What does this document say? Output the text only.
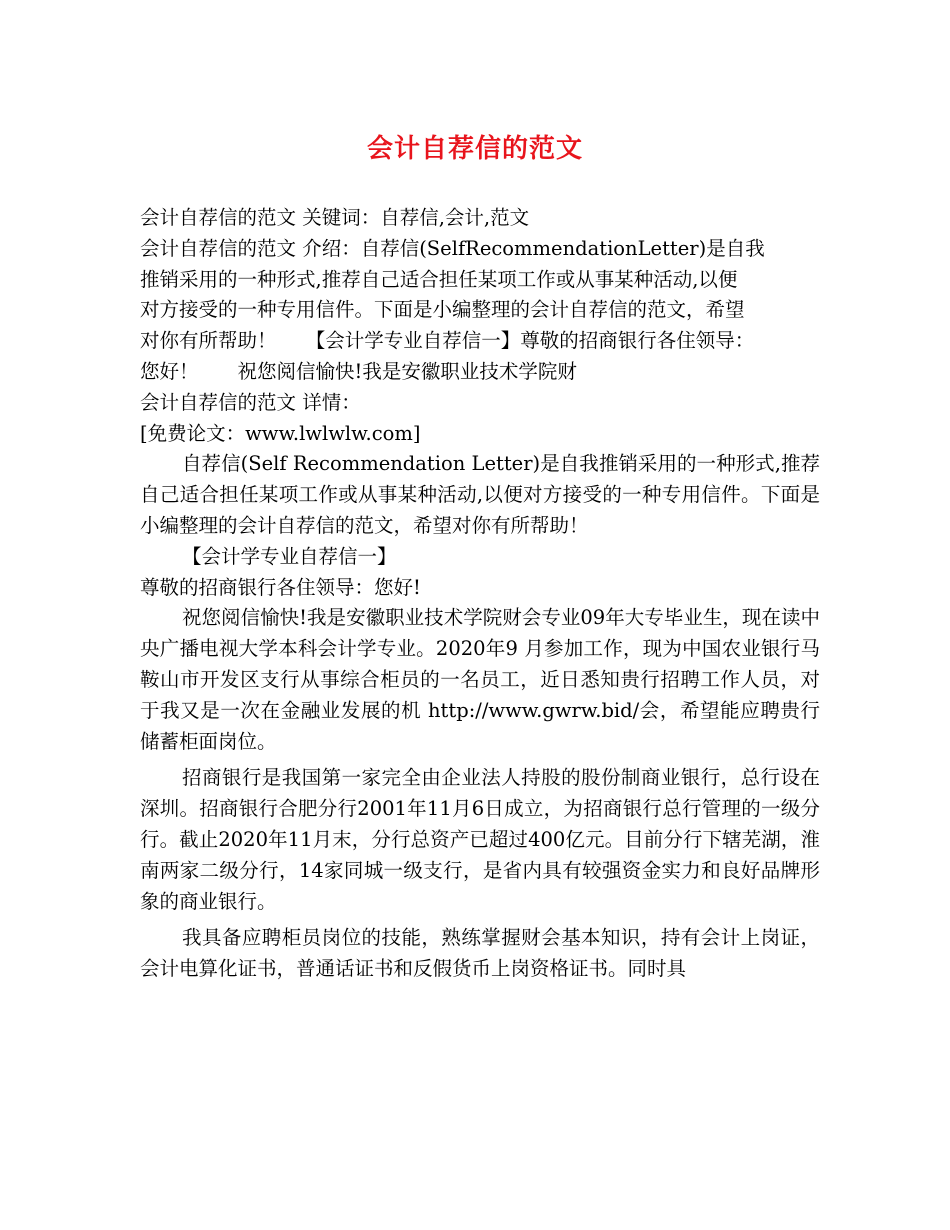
会计自荐信的范文

会计自荐信的范文 关键词：自荐信,会计,范文

会计自荐信的范文 介绍：自荐信(SelfRecommendationLetter)是自我

推销采用的一种形式,推荐自己适合担任某项工作或从事某种活动,以便

对方接受的一种专用信件。下面是小编整理的会计自荐信的范文，希望

对你有所帮助！　　【会计学专业自荐信一】尊敬的招商银行各住领导：

您好！　　祝您阅信愉快!我是安徽职业技术学院财

会计自荐信的范文 详情：

[免费论文：www.lwlwlw.com]

自荐信(Self Recommendation Letter)是自我推销采用的一种形式,推荐自己适合担任某项工作或从事某种活动,以便对方接受的一种专用信件。下面是小编整理的会计自荐信的范文，希望对你有所帮助！

【会计学专业自荐信一】

尊敬的招商银行各住领导：您好!

祝您阅信愉快!我是安徽职业技术学院财会专业09年大专毕业生，现在读中央广播电视大学本科会计学专业。2020年9 月参加工作，现为中国农业银行马鞍山市开发区支行从事综合柜员的一名员工，近日悉知贵行招聘工作人员，对于我又是一次在金融业发展的机 http://www.gwrw.bid/会，希望能应聘贵行储蓄柜面岗位。

招商银行是我国第一家完全由企业法人持股的股份制商业银行，总行设在深圳。招商银行合肥分行2001年11月6日成立，为招商银行总行管理的一级分行。截止2020年11月末，分行总资产已超过400亿元。目前分行下辖芜湖，淮南两家二级分行，14家同城一级支行，是省内具有较强资金实力和良好品牌形象的商业银行。

我具备应聘柜员岗位的技能，熟练掌握财会基本知识，持有会计上岗证，会计电算化证书，普通话证书和反假货币上岗资格证书。同时具
